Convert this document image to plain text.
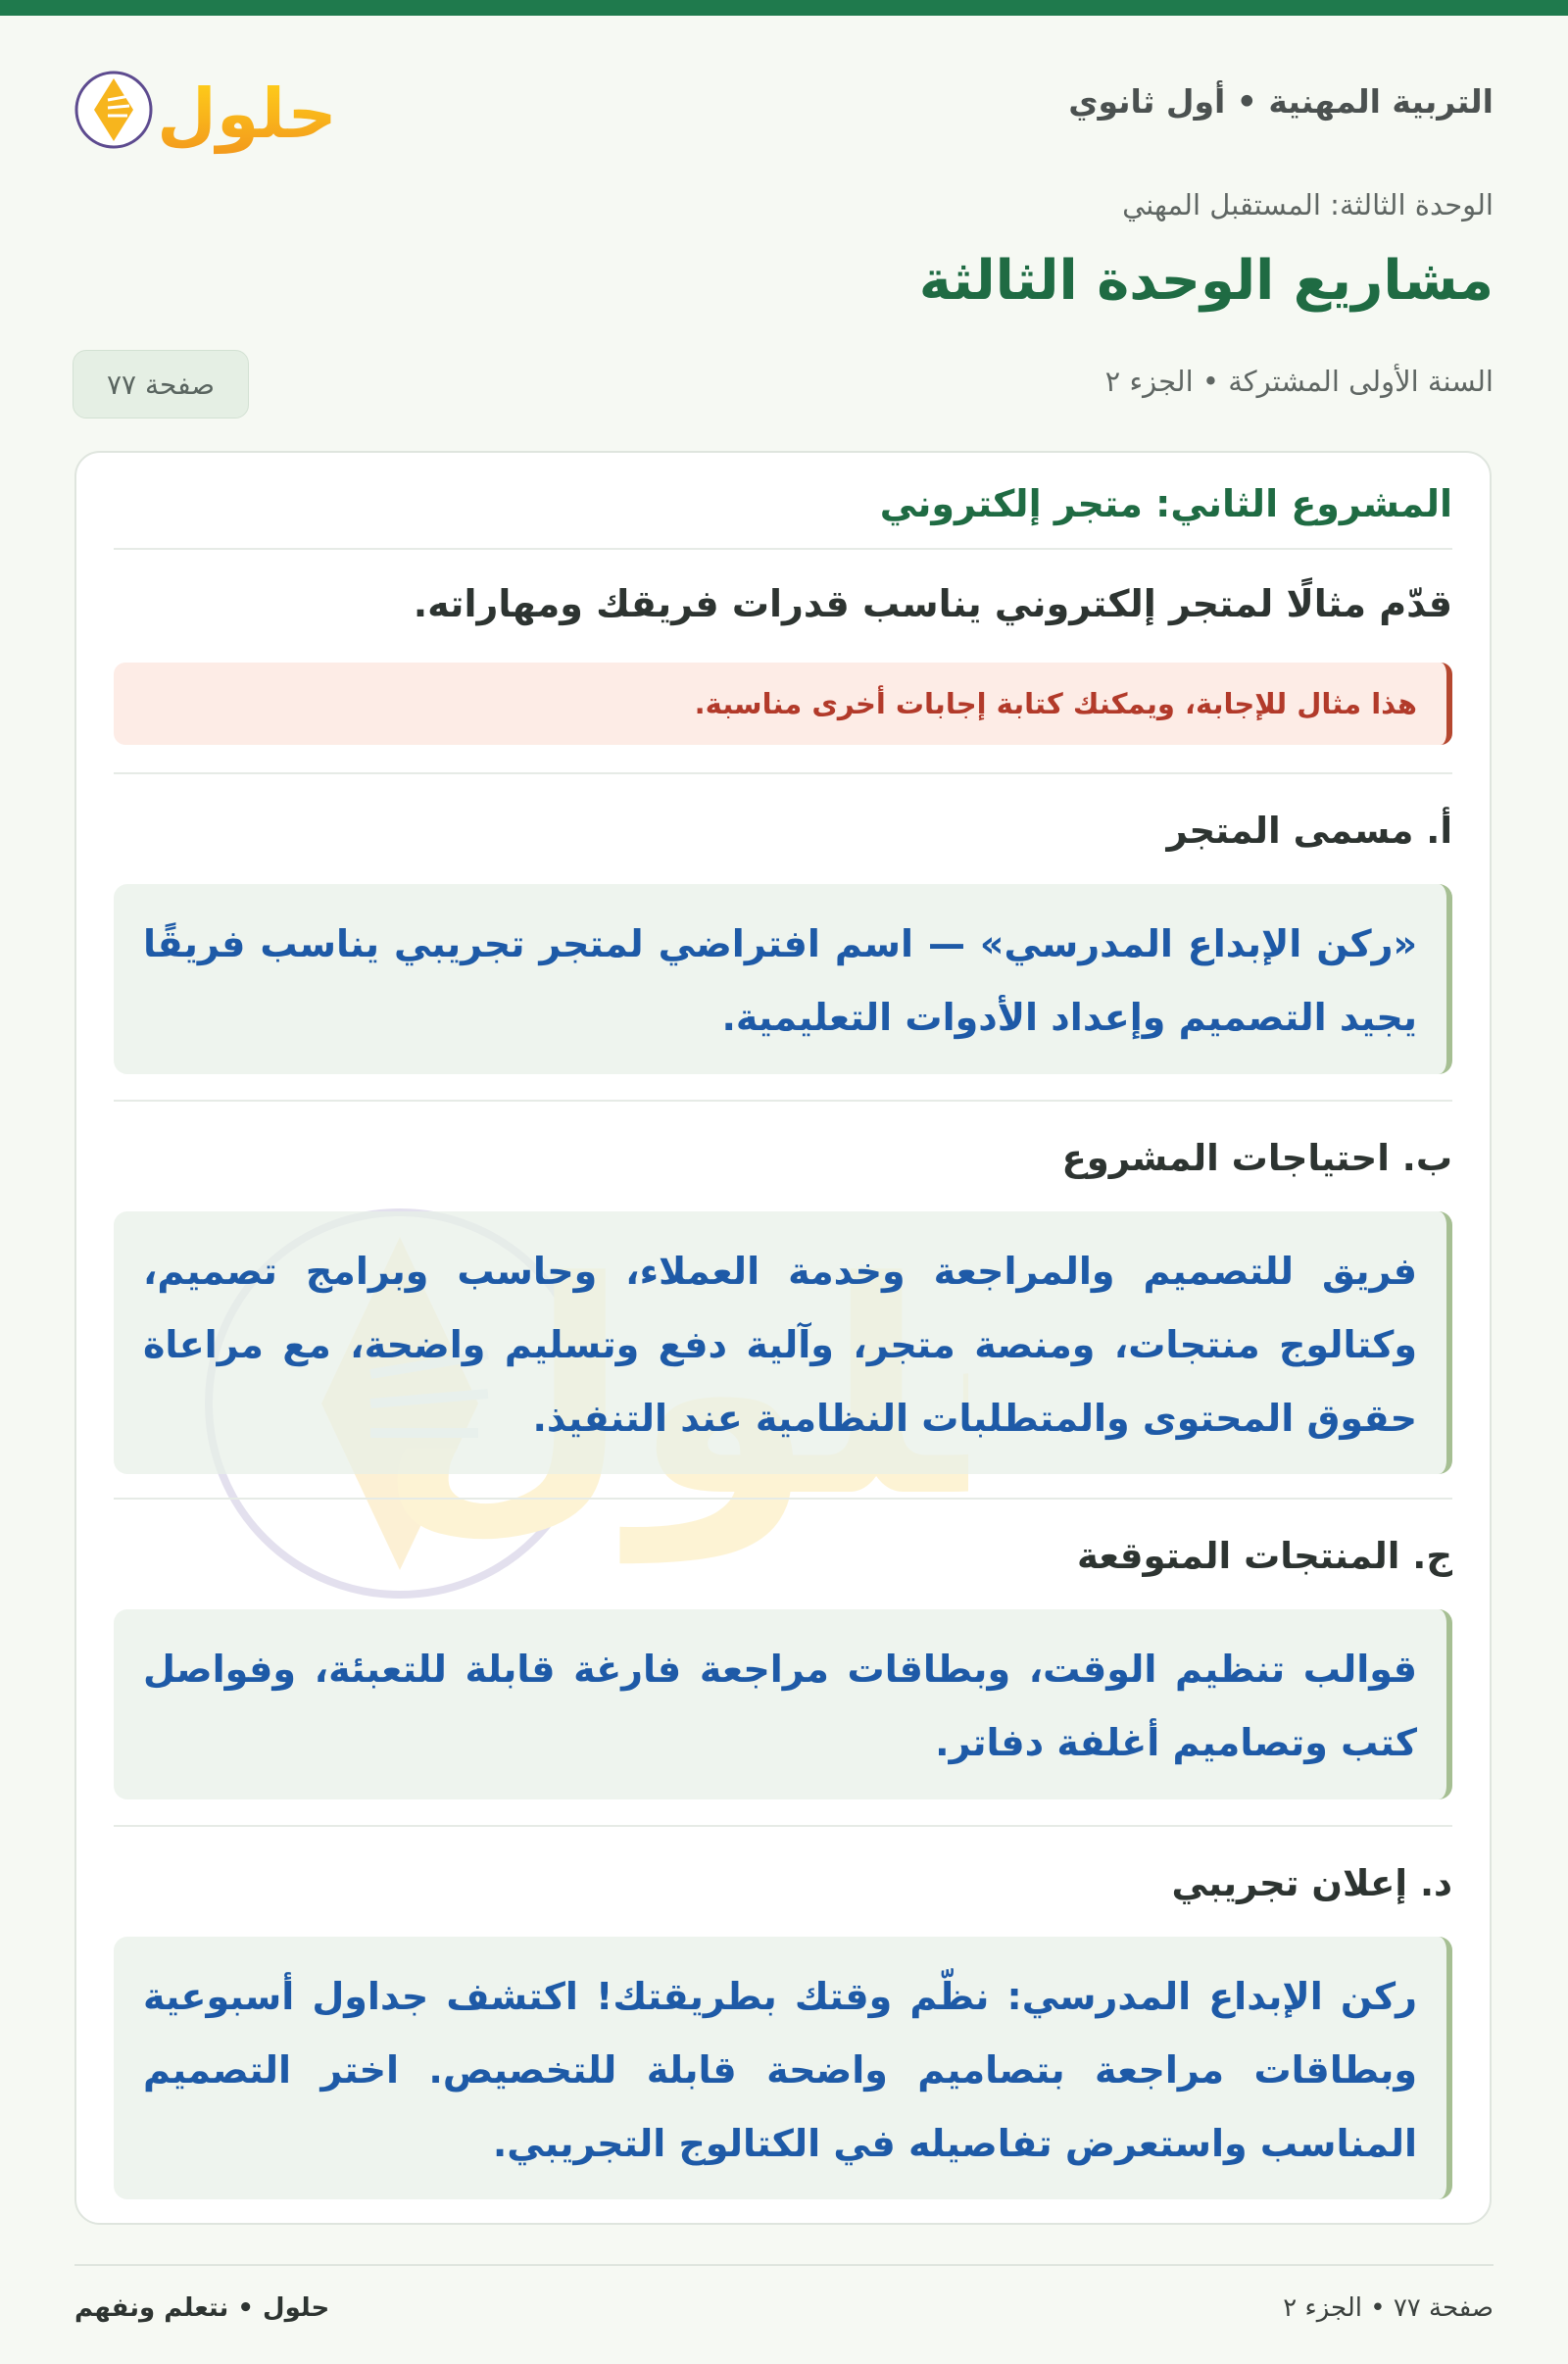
حلول	التربية المهنية • أول ثانوي
الوحدة الثالثة: المستقبل المهني
مشاريع الوحدة الثالثة
السنة الأولى المشتركة • الجزء ٢
صفحة ٧٧
المشروع الثاني: متجر إلكتروني
قدّم مثالًا لمتجر إلكتروني يناسب قدرات فريقك ومهاراته.
هذا مثال للإجابة، ويمكنك كتابة إجابات أخرى مناسبة.
أ. مسمى المتجر
«ركن الإبداع المدرسي» — اسم افتراضي لمتجر تجريبي يناسب فريقًا يجيد التصميم وإعداد الأدوات التعليمية.
ب. احتياجات المشروع
فريق للتصميم والمراجعة وخدمة العملاء، وحاسب وبرامج تصميم، وكتالوج منتجات، ومنصة متجر، وآلية دفع وتسليم واضحة، مع مراعاة حقوق المحتوى والمتطلبات النظامية عند التنفيذ.
ج. المنتجات المتوقعة
قوالب تنظيم الوقت، وبطاقات مراجعة فارغة قابلة للتعبئة، وفواصل كتب وتصاميم أغلفة دفاتر.
د. إعلان تجريبي
ركن الإبداع المدرسي: نظّم وقتك بطريقتك! اكتشف جداول أسبوعية وبطاقات مراجعة بتصاميم واضحة قابلة للتخصيص. اختر التصميم المناسب واستعرض تفاصيله في الكتالوج التجريبي.
صفحة ٧٧ • الجزء ٢
حلول • نتعلم ونفهم
